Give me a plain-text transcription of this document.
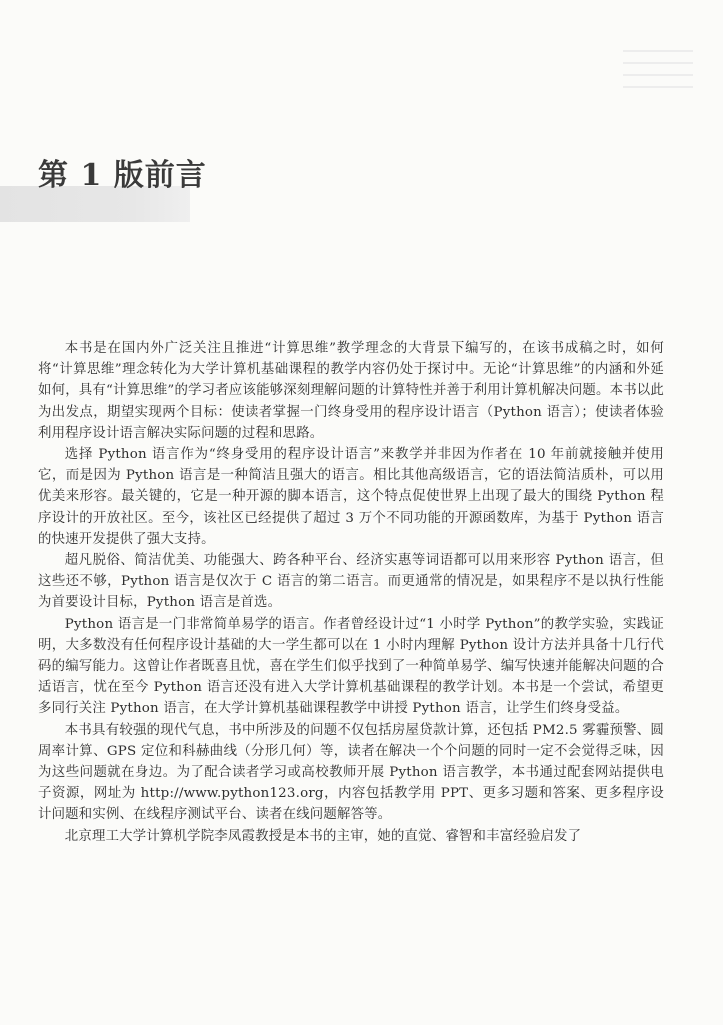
第 1 版前言

本书是在国内外广泛关注且推进“计算思维”教学理念的大背景下编写的，在该书成稿之时，如何将“计算思维”理念转化为大学计算机基础课程的教学内容仍处于探讨中。无论“计算思维”的内涵和外延如何，具有“计算思维”的学习者应该能够深刻理解问题的计算特性并善于利用计算机解决问题。本书以此为出发点，期望实现两个目标：使读者掌握一门终身受用的程序设计语言（Python 语言）；使读者体验利用程序设计语言解决实际问题的过程和思路。

选择 Python 语言作为“终身受用的程序设计语言”来教学并非因为作者在 10 年前就接触并使用它，而是因为 Python 语言是一种简洁且强大的语言。相比其他高级语言，它的语法简洁质朴，可以用优美来形容。最关键的，它是一种开源的脚本语言，这个特点促使世界上出现了最大的围绕 Python 程序设计的开放社区。至今，该社区已经提供了超过 3 万个不同功能的开源函数库，为基于 Python 语言的快速开发提供了强大支持。

超凡脱俗、简洁优美、功能强大、跨各种平台、经济实惠等词语都可以用来形容 Python 语言，但这些还不够，Python 语言是仅次于 C 语言的第二语言。而更通常的情况是，如果程序不是以执行性能为首要设计目标，Python 语言是首选。

Python 语言是一门非常简单易学的语言。作者曾经设计过“1 小时学 Python”的教学实验，实践证明，大多数没有任何程序设计基础的大一学生都可以在 1 小时内理解 Python 设计方法并具备十几行代码的编写能力。这曾让作者既喜且忧，喜在学生们似乎找到了一种简单易学、编写快速并能解决问题的合适语言，忧在至今 Python 语言还没有进入大学计算机基础课程的教学计划。本书是一个尝试，希望更多同行关注 Python 语言，在大学计算机基础课程教学中讲授 Python 语言，让学生们终身受益。

本书具有较强的现代气息，书中所涉及的问题不仅包括房屋贷款计算，还包括 PM2.5 雾霾预警、圆周率计算、GPS 定位和科赫曲线（分形几何）等，读者在解决一个个问题的同时一定不会觉得乏味，因为这些问题就在身边。为了配合读者学习或高校教师开展 Python 语言教学，本书通过配套网站提供电子资源，网址为 http://www.python123.org，内容包括教学用 PPT、更多习题和答案、更多程序设计问题和实例、在线程序测试平台、读者在线问题解答等。

北京理工大学计算机学院李凤霞教授是本书的主审，她的直觉、睿智和丰富经验启发了
